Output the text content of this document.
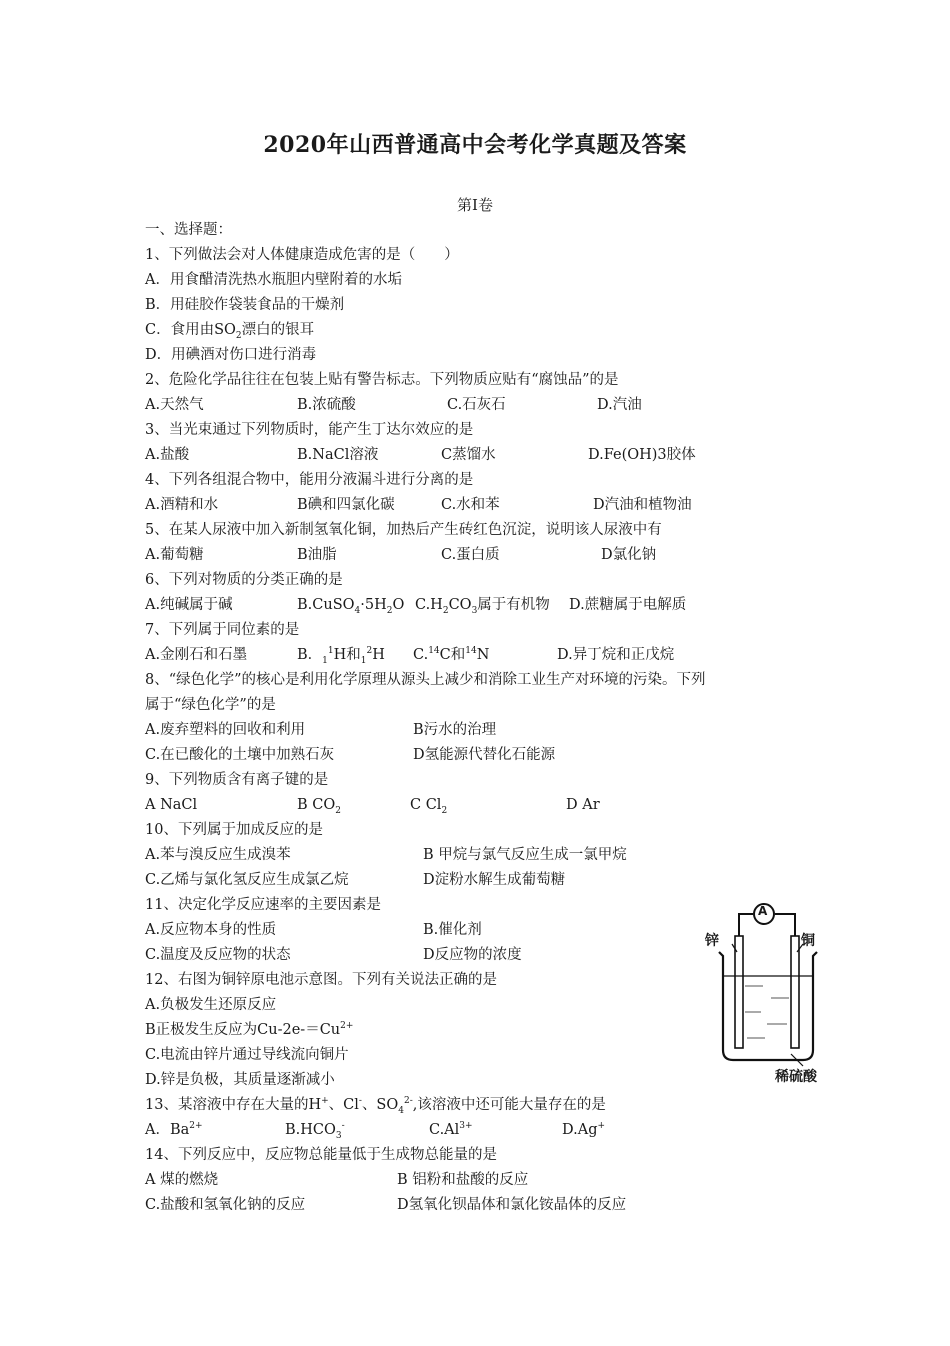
2020年山西普通高中会考化学真题及答案
第Ⅰ卷
一、选择题：
1、下列做法会对人体健康造成危害的是（　　）
A．用食醋清洗热水瓶胆内壁附着的水垢
B．用硅胶作袋装食品的干燥剂
C．食用由$SO_2$漂白的银耳
D．用碘酒对伤口进行消毒
2、危险化学品往往在包装上贴有警告标志。下列物质应贴有“腐蚀品”的是
A.天然气	B.浓硫酸	C.石灰石	D.汽油
3、当光束通过下列物质时，能产生丁达尔效应的是
A.盐酸	B.NaCl溶液	C蒸馏水	D.Fe(OH)3胶体
4、下列各组混合物中，能用分液漏斗进行分离的是
A.酒精和水	B碘和四氯化碳	C.水和苯	D汽油和植物油
5、在某人尿液中加入新制氢氧化铜，加热后产生砖红色沉淀，说明该人尿液中有
A.葡萄糖	B油脂	C.蛋白质	D氯化钠
6、下列对物质的分类正确的是
A.纯碱属于碱	$B.CuSO_4\cdot 5H_2O$ $C.H_2CO_3$属于有机物 D.蔗糖属于电解质
7、下列属于同位素的是
A.金刚石和石墨	B．$_1^1$H和$_1^2$H C.$^{14}$C和$^{14}$N	D.异丁烷和正戊烷
8、“绿色化学”的核心是利用化学原理从源头上减少和消除工业生产对环境的污染。下列
属于“绿色化学”的是
A.废弃塑料的回收和利用	B污水的治理
C.在已酸化的土壤中加熟石灰	D氢能源代替化石能源
9、下列物质含有离子键的是
A NaCl	B $CO_2$	C $Cl_2$	D Ar
10、下列属于加成反应的是
A.苯与溴反应生成溴苯	B 甲烷与氯气反应生成一氯甲烷
C.乙烯与氯化氢反应生成氯乙烷	D淀粉水解生成葡萄糖
11、决定化学反应速率的主要因素是
A.反应物本身的性质	B.催化剂
C.温度及反应物的状态	D反应物的浓度
12、右图为铜锌原电池示意图。下列有关说法正确的是
A.负极发生还原反应
B正极发生反应为$Cu-2e-=Cu^{2+}$
C.电流由锌片通过导线流向铜片
D.锌是负极，其质量逐渐减小
13、某溶液中存在大量的H+、Cl-、$SO_4^{2-}$,该溶液中还可能大量存在的是
A．$Ba^{2+}$	$B.HCO_3^-$	$C.Al^{3+}$	D.Ag+
14、下列反应中，反应物总能量低于生成物总能量的是
A 煤的燃烧	B 铝粉和盐酸的反应
C.盐酸和氢氧化钠的反应	D氢氧化钡晶体和氯化铵晶体的反应
A
锌	铜
稀硫酸
